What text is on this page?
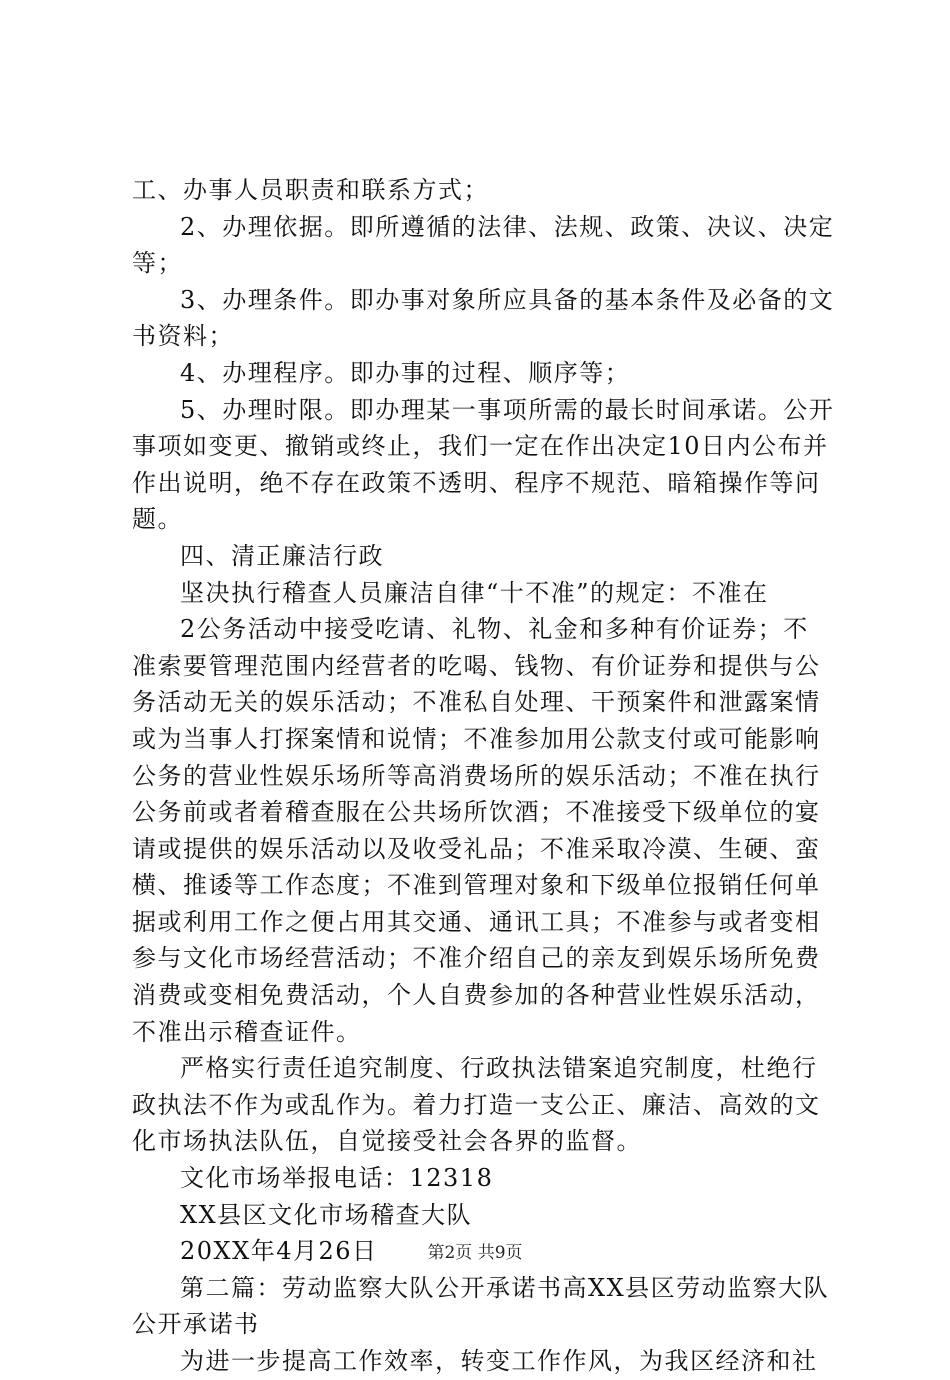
工、办事人员职责和联系方式；
2、办理依据。即所遵循的法律、法规、政策、决议、决定
等；
3、办理条件。即办事对象所应具备的基本条件及必备的文
书资料；
4、办理程序。即办事的过程、顺序等；
5、办理时限。即办理某一事项所需的最长时间承诺。公开
事项如变更、撤销或终止，我们一定在作出决定10日内公布并
作出说明，绝不存在政策不透明、程序不规范、暗箱操作等问
题。
四、清正廉洁行政
坚决执行稽查人员廉洁自律“十不准”的规定：不准在
2公务活动中接受吃请、礼物、礼金和多种有价证券；不
准索要管理范围内经营者的吃喝、钱物、有价证券和提供与公
务活动无关的娱乐活动；不准私自处理、干预案件和泄露案情
或为当事人打探案情和说情；不准参加用公款支付或可能影响
公务的营业性娱乐场所等高消费场所的娱乐活动；不准在执行
公务前或者着稽查服在公共场所饮酒；不准接受下级单位的宴
请或提供的娱乐活动以及收受礼品；不准采取冷漠、生硬、蛮
横、推诿等工作态度；不准到管理对象和下级单位报销任何单
据或利用工作之便占用其交通、通讯工具；不准参与或者变相
参与文化市场经营活动；不准介绍自己的亲友到娱乐场所免费
消费或变相免费活动，个人自费参加的各种营业性娱乐活动，
不准出示稽查证件。
严格实行责任追究制度、行政执法错案追究制度，杜绝行
政执法不作为或乱作为。着力打造一支公正、廉洁、高效的文
化市场执法队伍，自觉接受社会各界的监督。
文化市场举报电话：12318
XX县区文化市场稽查大队
20XX年4月26日
第二篇：劳动监察大队公开承诺书高XX县区劳动监察大队
公开承诺书
为进一步提高工作效率，转变工作作风，为我区经济和社
第2页 共9页
